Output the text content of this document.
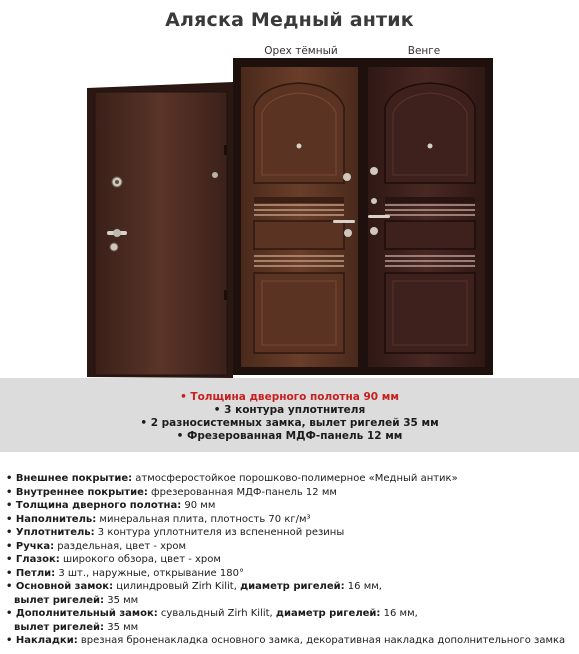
Аляска Медный антик
Орех тёмный	Венге
• Толщина дверного полотна 90 мм
• 3 контура уплотнителя
• 2 разносистемных замка, вылет ригелей 35 мм
• Фрезерованная МДФ-панель 12 мм
• Внешнее покрытие: атмосферостойкое порошково-полимерное «Медный антик»
• Внутреннее покрытие: фрезерованная МДФ-панель 12 мм
• Толщина дверного полотна: 90 мм
• Наполнитель: минеральная плита, плотность 70 кг/м³
• Уплотнитель: 3 контура уплотнителя из вспененной резины
• Ручка: раздельная, цвет - хром
• Глазок: широкого обзора, цвет - хром
• Петли: 3 шт., наружные, открывание 180°
• Основной замок: цилиндровый Zirh Kilit, диаметр ригелей: 16 мм,
вылет ригелей: 35 мм
• Дополнительный замок: сувальдный Zirh Kilit, диаметр ригелей: 16 мм,
вылет ригелей: 35 мм
• Накладки: врезная броненакладка основного замка, декоративная накладка дополнительного замка
